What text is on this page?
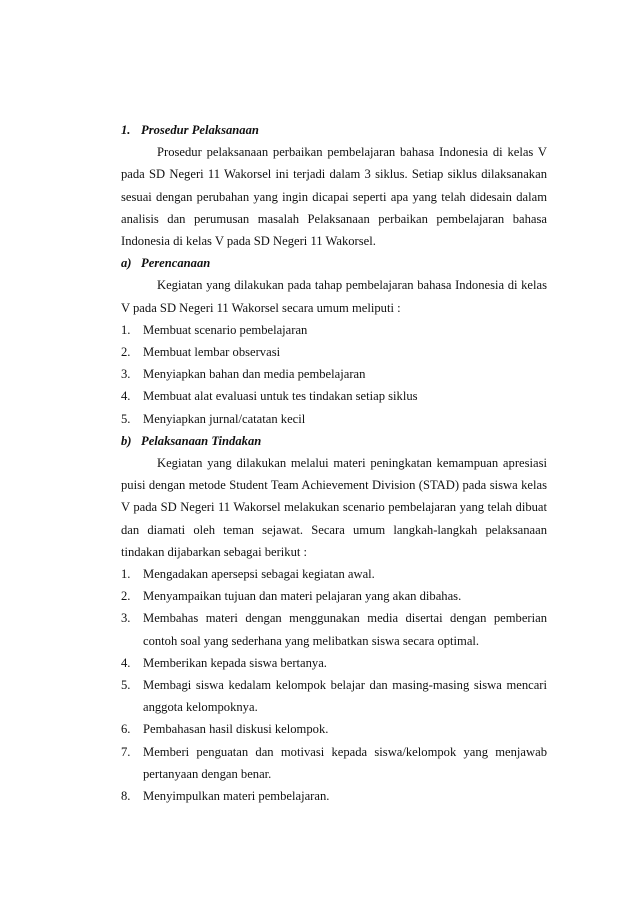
1. Prosedur Pelaksanaan
Prosedur pelaksanaan perbaikan pembelajaran bahasa Indonesia di kelas V pada SD Negeri 11 Wakorsel ini terjadi dalam 3 siklus. Setiap siklus dilaksanakan sesuai dengan perubahan yang ingin dicapai seperti apa yang telah didesain dalam analisis dan perumusan masalah Pelaksanaan perbaikan pembelajaran bahasa Indonesia di kelas V pada SD Negeri 11 Wakorsel.
a) Perencanaan
Kegiatan yang dilakukan pada tahap pembelajaran bahasa Indonesia di kelas V pada SD Negeri 11 Wakorsel secara umum meliputi :
1. Membuat scenario pembelajaran
2. Membuat lembar observasi
3. Menyiapkan bahan dan media pembelajaran
4. Membuat alat evaluasi untuk tes tindakan setiap siklus
5. Menyiapkan jurnal/catatan kecil
b) Pelaksanaan Tindakan
Kegiatan yang dilakukan melalui materi peningkatan kemampuan apresiasi puisi dengan metode Student Team Achievement Division (STAD) pada siswa kelas V pada SD Negeri 11 Wakorsel melakukan scenario pembelajaran yang telah dibuat dan diamati oleh teman sejawat. Secara umum langkah-langkah pelaksanaan tindakan dijabarkan sebagai berikut :
1. Mengadakan apersepsi sebagai kegiatan awal.
2. Menyampaikan tujuan dan materi pelajaran yang akan dibahas.
3. Membahas materi dengan menggunakan media disertai dengan pemberian contoh soal yang sederhana yang melibatkan siswa secara optimal.
4. Memberikan kepada siswa bertanya.
5. Membagi siswa kedalam kelompok belajar dan masing-masing siswa mencari anggota kelompoknya.
6. Pembahasan hasil diskusi kelompok.
7. Memberi penguatan dan motivasi kepada siswa/kelompok yang menjawab pertanyaan dengan benar.
8. Menyimpulkan materi pembelajaran.
